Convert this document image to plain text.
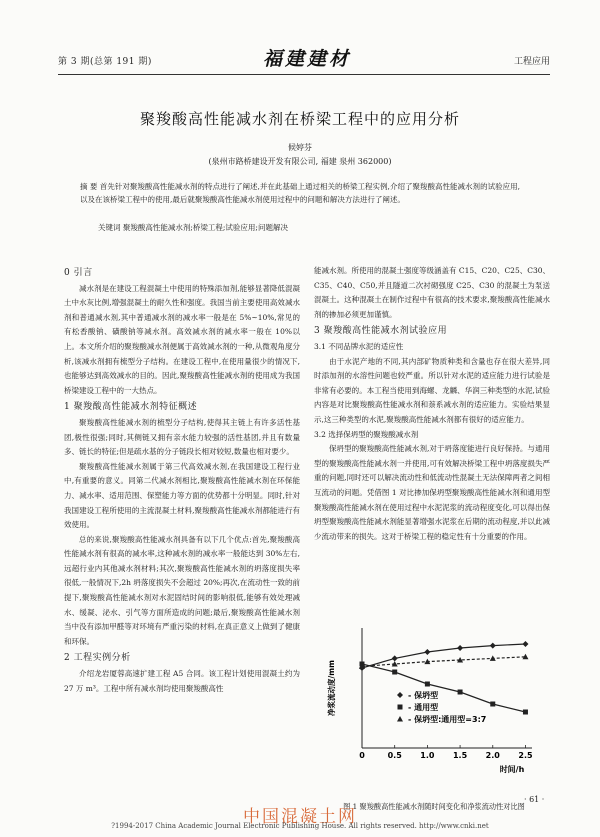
第 3 期(总第 191 期)	福建建材	工程应用
聚羧酸高性能减水剂在桥梁工程中的应用分析
候婷芬
(泉州市路桥建设开发有限公司, 福建 泉州 362000)
摘 要 首先针对聚羧酸高性能减水剂的特点进行了阐述,并在此基础上通过相关的桥梁工程实例,介绍了聚羧酸高性能减水剂的试验应用,以及在该桥梁工程中的使用,最后就聚羧酸高性能减水剂使用过程中的问题和解决方法进行了阐述。
关键词 聚羧酸高性能减水剂;桥梁工程;试验应用;问题解决
0 引言

减水剂是在建设工程混凝土中使用的特殊添加剂,能够显著降低混凝土中水灰比例,增强混凝土的耐久性和强度。我国当前主要使用高效减水剂和普通减水剂,其中普通减水剂的减水率一般是在 5%~10%,常见的有松香酸钠、磺酸钠等减水剂。高效减水剂的减水率一般在 10%以上。本文所介绍的聚羧酸减水剂便属于高效减水剂的一种,从微观角度分析,该减水剂拥有梳型分子结构。在建设工程中,在使用量很少的情况下,也能够达到高效减水的目的。因此,聚羧酸高性能减水剂的使用成为我国桥梁建设工程中的一大热点。

1 聚羧酸高性能减水剂特征概述

聚羧酸高性能减水剂的梳型分子结构,使得其主链上有许多活性基团,极性很强;同时,其侧链又拥有亲水能力较强的活性基团,并且有数量多、链长的特征;但是疏水基的分子链段长相对较短,数量也相对要少。

聚羧酸高性能减水剂属于第三代高效减水剂,在我国建设工程行业中,有重要的意义。同第二代减水剂相比,聚羧酸高性能减水剂在环保能力、减水率、适用范围、保塑能力等方面的优势都十分明显。同时,针对我国建设工程所使用的主流混凝土材料,聚羧酸高性能减水剂都能进行有效使用。

总的来说,聚羧酸高性能减水剂具备有以下几个优点:首先,聚羧酸高性能减水剂有很高的减水率,这种减水剂的减水率一般能达到 30%左右,远超行业内其他减水剂材料;其次,聚羧酸高性能减水剂的坍落度损失率很低,一般情况下,2h 坍落度损失不会超过 20%;再次,在流动性一致的前提下,聚羧酸高性能减水剂对水泥固结时间的影响很低,能够有效处理减水、缓凝、泌水、引气等方面所造成的问题;最后,聚羧酸高性能减水剂当中没有添加甲醛等对环境有严重污染的材料,在真正意义上做到了健康和环保。

2 工程实例分析

介绍龙岩厦蓉高速扩建工程 A5 合同。该工程计划使用混凝土约为 27 万 m³。工程中所有减水剂均使用聚羧酸高性

能减水剂。所使用的混凝土强度等级涵盖有 C15、C20、C25、C30、C35、C40、C50,并且隧道二次衬砌强度 C25、C30 的混凝土为泵送混凝土。这种混凝土在制作过程中有很高的技术要求,聚羧酸高性能减水剂的掺加必须更加谨慎。

3 聚羧酸高性能减水剂试验应用
3.1 不同品牌水泥的适应性

由于水泥产地的不同,其内部矿物质种类和含量也存在很大差异,同时添加剂的水溶性问题也较严重。所以针对水泥的适应能力进行试验是非常有必要的。本工程当使用到海螺、龙麟、华润三种类型的水泥,试验内容是对比聚羧酸高性能减水剂和萘系减水剂的适应能力。实验结果显示,这三种类型的水泥,聚羧酸高性能减水剂都有很好的适应能力。

3.2 选择保坍型的聚羧酸减水剂

保坍型的聚羧酸高性能减水剂,对于坍落度能进行良好保持。与通用型的聚羧酸高性能减水剂一并使用,可有效解决桥梁工程中坍落度损失严重的问题,同时还可以解决流动性和低流动性混凝土无法保障两者之间相互流动的问题。凭借图 1 对比掺加保坍型聚羧酸高性能减水剂和通用型聚羧酸高性能减水剂在使用过程中水泥泥浆的流动程度变化,可以得出保坍型聚羧酸高性能减水剂能显著增强水泥浆在后期的流动程度,并以此减少流动带来的损失。这对于桥梁工程的稳定性有十分重要的作用。

0	0.5 1.0 1.5 2.0 2.5
时间/h
净浆流动度/mm	- 保坍型
- 通用型
- 保坍型:通用型=3:7
图 1 聚羧酸高性能减水剂随时间变化和净浆流动性对比图
· 61 ·
中国混凝土网
?1994-2017 China Academic Journal Electronic Publishing House. All rights reserved. http://www.cnki.net
